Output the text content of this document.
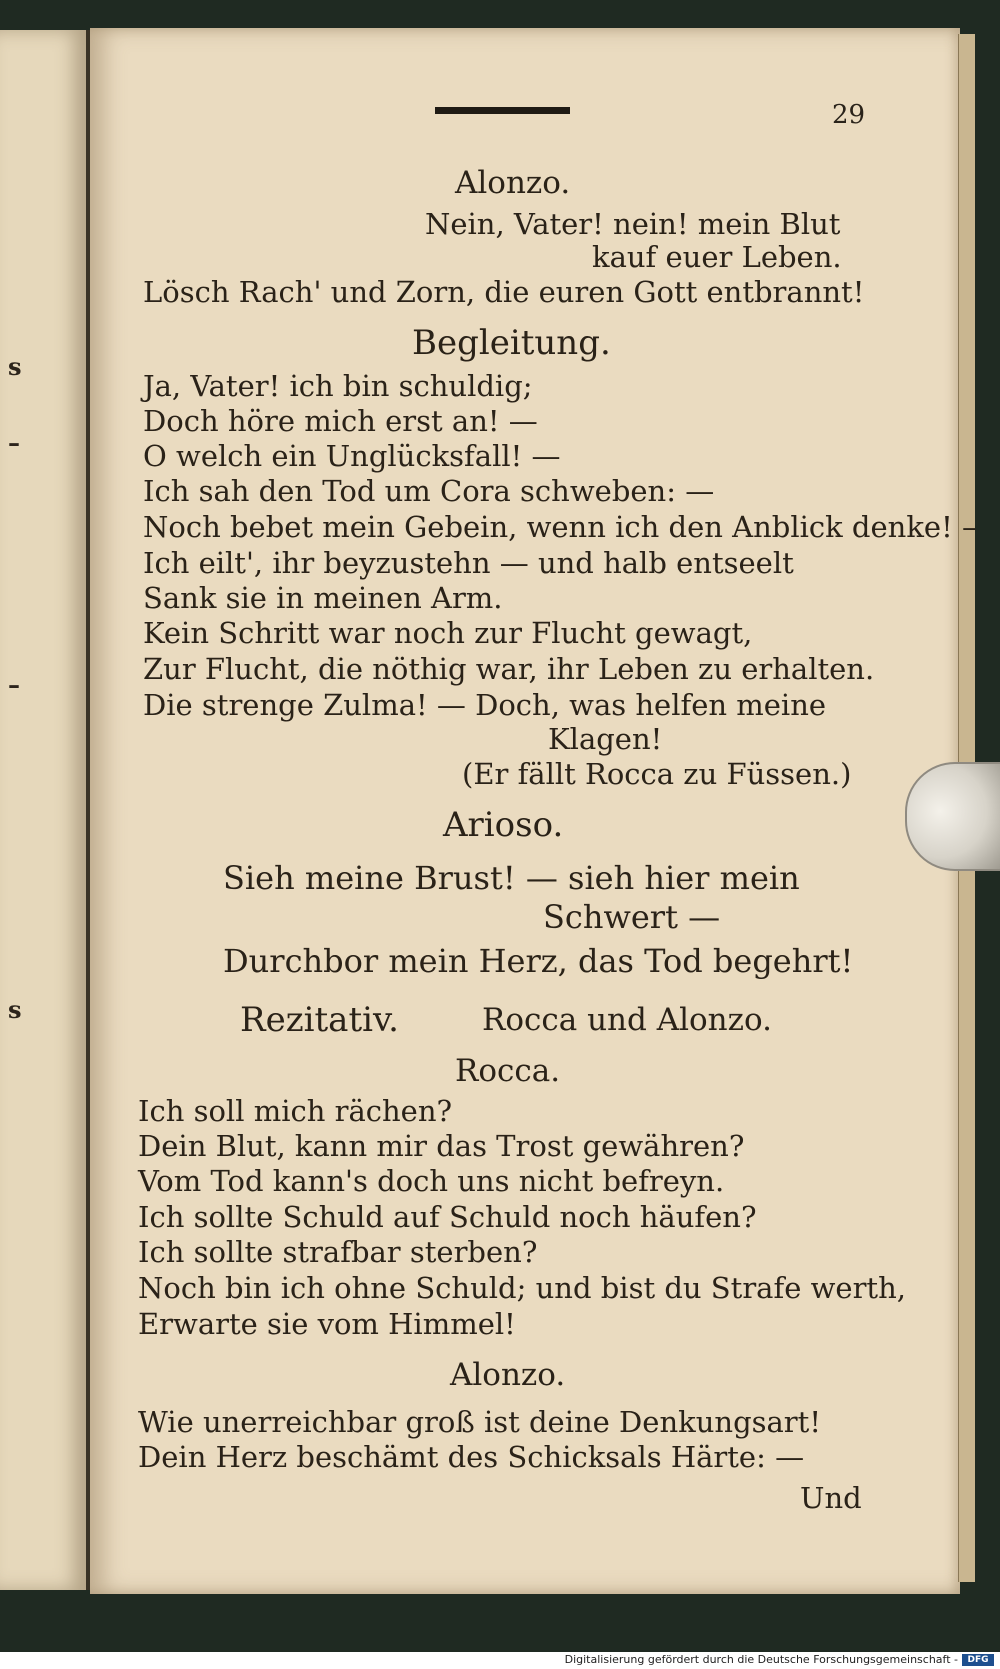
s
–
–
s
29
Alonzo.
Nein, Vater! nein! mein Blut
kauf euer Leben.
Lösch Rach' und Zorn, die euren Gott entbrannt!
Begleitung.
Ja, Vater! ich bin schuldig;
Doch höre mich erst an! —
O welch ein Unglücksfall! —
Ich sah den Tod um Cora schweben: —
Noch bebet mein Gebein, wenn ich den Anblick denke! –
Ich eilt', ihr beyzustehn — und halb entseelt
Sank sie in meinen Arm.
Kein Schritt war noch zur Flucht gewagt,
Zur Flucht, die nöthig war, ihr Leben zu erhalten.
Die strenge Zulma! — Doch, was helfen meine
Klagen!
(Er fällt Rocca zu Füssen.)
Arioso.
Sieh meine Brust! — sieh hier mein
Schwert —
Durchbor mein Herz, das Tod begehrt!
Rezitativ.	Rocca und Alonzo.
Rocca.
Ich soll mich rächen?
Dein Blut, kann mir das Trost gewähren?
Vom Tod kann's doch uns nicht befreyn.
Ich sollte Schuld auf Schuld noch häufen?
Ich sollte strafbar sterben?
Noch bin ich ohne Schuld; und bist du Strafe werth,
Erwarte sie vom Himmel!
Alonzo.
Wie unerreichbar groß ist deine Denkungsart!
Dein Herz beschämt des Schicksals Härte: —
Und
Digitalisierung gefördert durch die Deutsche Forschungsgemeinschaft -	DFG
